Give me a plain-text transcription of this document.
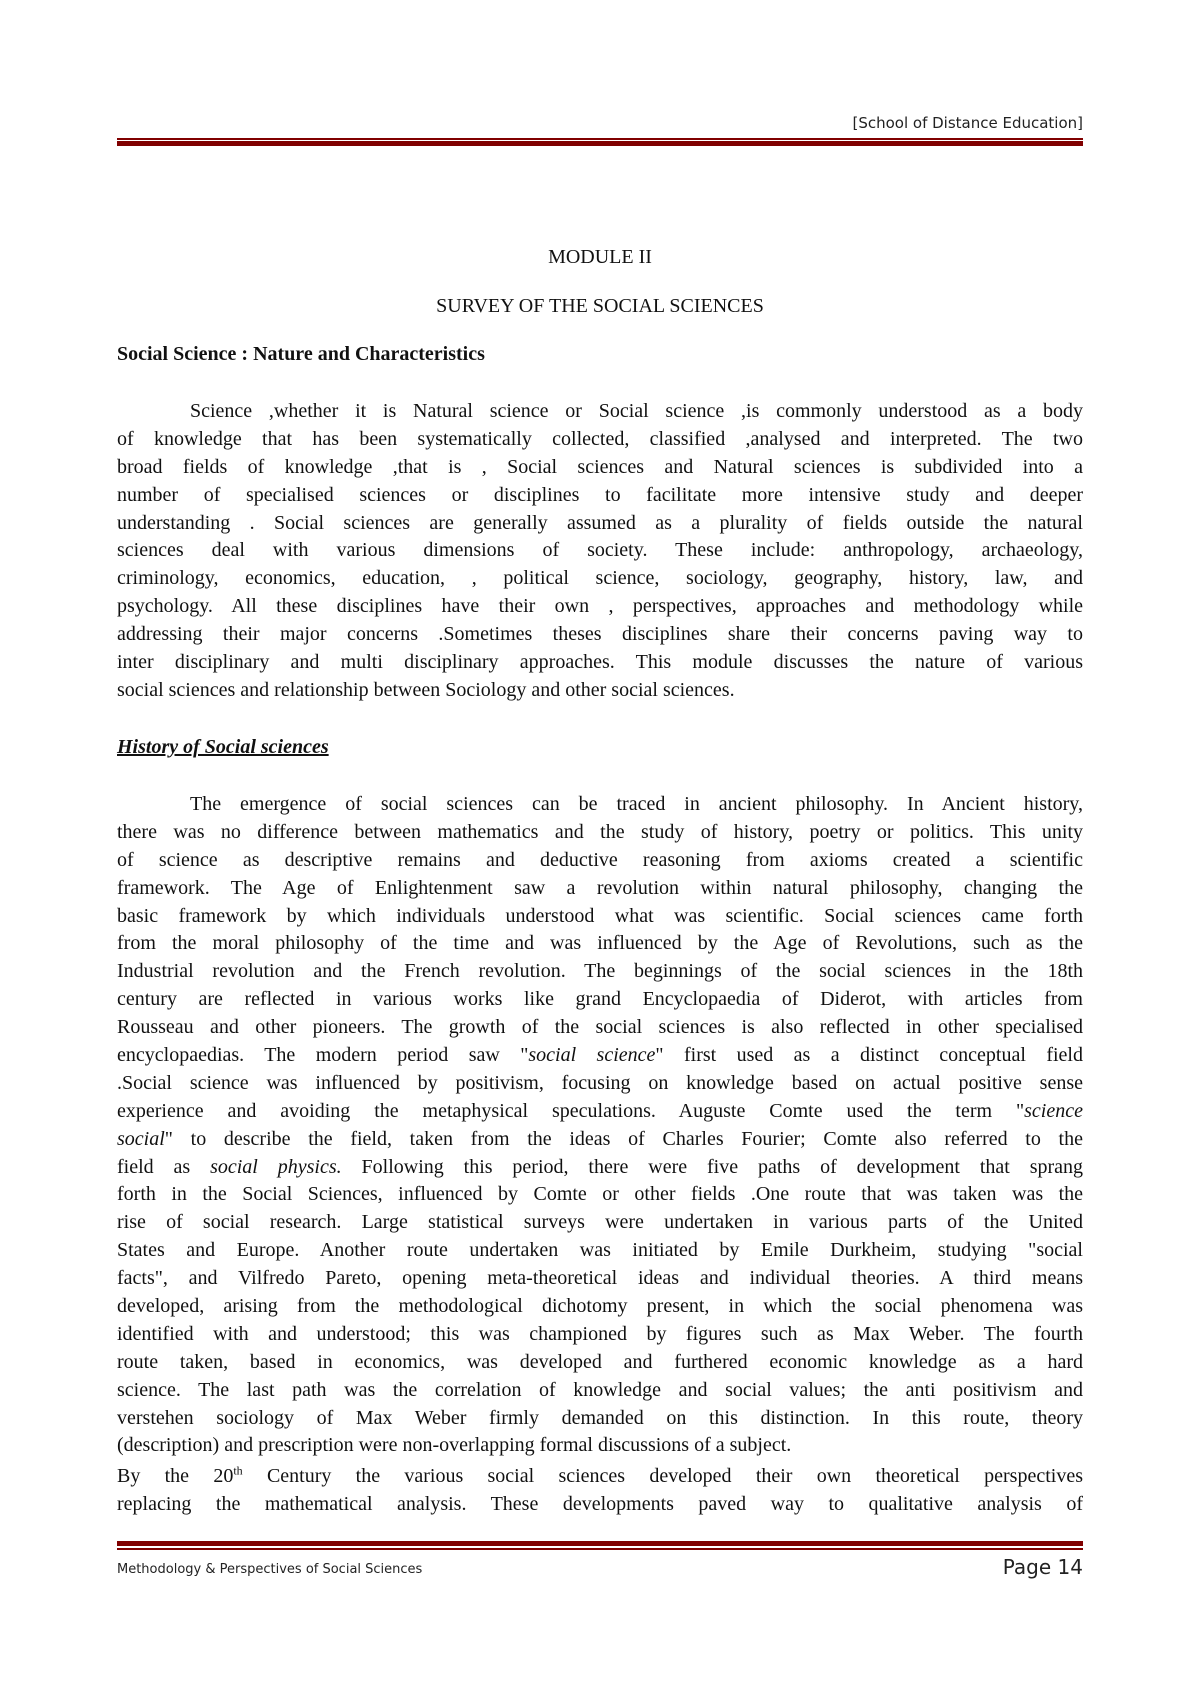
[School of Distance Education]
MODULE II
SURVEY OF THE SOCIAL SCIENCES
Social Science : Nature and Characteristics
Science ,whether it is Natural science or Social science ,is commonly understood as a body
of knowledge that has been systematically collected, classified ,analysed and interpreted. The two
broad fields of knowledge ,that is , Social sciences and Natural sciences is subdivided into a
number of specialised sciences or disciplines to facilitate more intensive study and deeper
understanding . Social sciences are generally assumed as a plurality of fields outside the natural
sciences deal with various dimensions of society. These include: anthropology, archaeology,
criminology, economics, education, , political science, sociology, geography, history, law, and
psychology. All these disciplines have their own , perspectives, approaches and methodology while
addressing their major concerns .Sometimes theses disciplines share their concerns paving way to
inter disciplinary and multi disciplinary approaches. This module discusses the nature of various
social sciences and relationship between Sociology and other social sciences.
History of Social sciences
The emergence of social sciences can be traced in ancient philosophy. In Ancient history,
there was no difference between mathematics and the study of history, poetry or politics. This unity
of science as descriptive remains and deductive reasoning from axioms created a scientific
framework. The Age of Enlightenment saw a revolution within natural philosophy, changing the
basic framework by which individuals understood what was scientific. Social sciences came forth
from the moral philosophy of the time and was influenced by the Age of Revolutions, such as the
Industrial revolution and the French revolution. The beginnings of the social sciences in the 18th
century are reflected in various works like grand Encyclopaedia of Diderot, with articles from
Rousseau and other pioneers. The growth of the social sciences is also reflected in other specialised
encyclopaedias. The modern period saw "social science" first used as a distinct conceptual field
.Social science was influenced by positivism, focusing on knowledge based on actual positive sense
experience and avoiding the metaphysical speculations. Auguste Comte used the term "science
social" to describe the field, taken from the ideas of Charles Fourier; Comte also referred to the
field as social physics. Following this period, there were five paths of development that sprang
forth in the Social Sciences, influenced by Comte or other fields .One route that was taken was the
rise of social research. Large statistical surveys were undertaken in various parts of the United
States and Europe. Another route undertaken was initiated by Emile Durkheim, studying "social
facts", and Vilfredo Pareto, opening meta-theoretical ideas and individual theories. A third means
developed, arising from the methodological dichotomy present, in which the social phenomena was
identified with and understood; this was championed by figures such as Max Weber. The fourth
route taken, based in economics, was developed and furthered economic knowledge as a hard
science. The last path was the correlation of knowledge and social values; the anti positivism and
verstehen sociology of Max Weber firmly demanded on this distinction. In this route, theory
(description) and prescription were non-overlapping formal discussions of a subject.
By the 20th Century the various social sciences developed their own theoretical perspectives
replacing the mathematical analysis. These developments paved way to qualitative analysis of
Methodology & Perspectives of Social Sciences	Page 14
